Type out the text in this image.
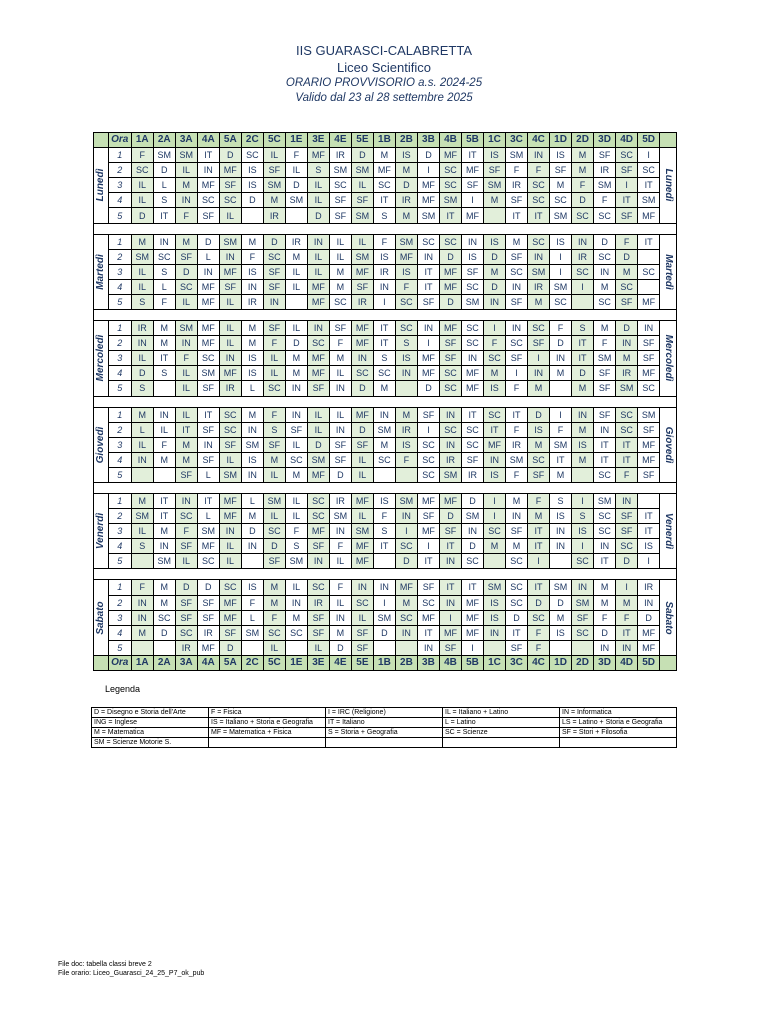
IIS GUARASCI-CALABRETTA
Liceo Scientifico
ORARIO PROVVISORIO a.s. 2024-25
Valido dal 23 al 28 settembre 2025
	Ora	1A	2A	3A	4A	5A	2C	5C	1E	3E	4E	5E	1B	2B	3B	4B	5B	1C	3C	4C	1D	2D	3D	4D	5D	

Lunedì	1	F	SM	SM	IT	D	SC	IL	F	MF	IR	D	M	IS	D	MF	IT	IS	SM	IN	IS	M	SF	SC	I	Lunedì

	2	SC	D	IL	IN	MF	IS	SF	IL	S	SM	SM	MF	M	I	SC	MF	SF	F	F	SF	M	IR	SF	SC	
	3	IL	L	M	MF	SF	IS	SM	D	IL	SC	IL	SC	D	MF	SC	SF	SM	IR	SC	M	F	SM	I	IT	
	4	IL	S	IN	SC	SC	D	M	SM	IL	SF	SF	IT	IR	MF	SM	I	M	SF	SC	SC	D	F	IT	SM	
	5	D	IT	F	SF	IL		IR		D	SF	SM	S	M	SM	IT	MF		IT	IT	SM	SC	SC	SF	MF	

Martedì	1	M	IN	M	D	SM	M	D	IR	IN	IL	IL	F	SM	SC	SC	IN	IS	M	SC	IS	IN	D	F	IT	Martedì

	2	SM	SC	SF	L	IN	F	SC	M	IL	IL	SM	IS	MF	IN	D	IS	D	SF	IN	I	IR	SC	D		
	3	IL	S	D	IN	MF	IS	SF	IL	IL	M	MF	IR	IS	IT	MF	SF	M	SC	SM	I	SC	IN	M	SC	
	4	IL	L	SC	MF	SF	IN	SF	IL	MF	M	SF	IN	F	IT	MF	SC	D	IN	IR	SM	I	M	SC		
	5	S	F	IL	MF	IL	IR	IN		MF	SC	IR	I	SC	SF	D	SM	IN	SF	M	SC		SC	SF	MF	

Mercoledì	1	IR	M	SM	MF	IL	M	SF	IL	IN	SF	MF	IT	SC	IN	MF	SC	I	IN	SC	F	S	M	D	IN	Mercoledì

	2	IN	M	IN	MF	IL	M	F	D	SC	F	MF	IT	S	I	SF	SC	F	SC	SF	D	IT	F	IN	SF	
	3	IL	IT	F	SC	IN	IS	IL	M	MF	M	IN	S	IS	MF	SF	IN	SC	SF	I	IN	IT	SM	M	SF	
	4	D	S	IL	SM	MF	IS	IL	M	MF	IL	SC	SC	IN	MF	SC	MF	M	I	IN	M	D	SF	IR	MF	
	5	S		IL	SF	IR	L	SC	IN	SF	IN	D	M		D	SC	MF	IS	F	M		M	SF	SM	SC	

Giovedì	1	M	IN	IL	IT	SC	M	F	IN	IL	IL	MF	IN	M	SF	IN	IT	SC	IT	D	I	IN	SF	SC	SM	Giovedì

	2	L	IL	IT	SF	SC	IN	S	SF	IL	IN	D	SM	IR	I	SC	SC	IT	F	IS	F	M	IN	SC	SF	
	3	IL	F	M	IN	SF	SM	SF	IL	D	SF	SF	M	IS	SC	IN	SC	MF	IR	M	SM	IS	IT	IT	MF	
	4	IN	M	M	SF	IL	IS	M	SC	SM	SF	IL	SC	F	SC	IR	SF	IN	SM	SC	IT	M	IT	IT	MF	
	5			SF	L	SM	IN	IL	M	MF	D	IL			SC	SM	IR	IS	F	SF	M		SC	F	SF	

Venerdì	1	M	IT	IN	IT	MF	L	SM	IL	SC	IR	MF	IS	SM	MF	MF	D	I	M	F	S	I	SM	IN		Venerdì

	2	SM	IT	SC	L	MF	M	IL	IL	SC	SM	IL	F	IN	SF	D	SM	I	IN	M	IS	S	SC	SF	IT	
	3	IL	M	F	SM	IN	D	SC	F	MF	IN	SM	S	I	MF	SF	IN	SC	SF	IT	IN	IS	SC	SF	IT	
	4	S	IN	SF	MF	IL	IN	D	S	SF	F	MF	IT	SC	I	IT	D	M	M	IT	IN	I	IN	SC	IS	
	5		SM	IL	SC	IL		SF	SM	IN	IL	MF		D	IT	IN	SC		SC	I		SC	IT	D	I	

Sabato	1	F	M	D	D	SC	IS	M	IL	SC	F	IN	IN	MF	SF	IT	IT	SM	SC	IT	SM	IN	M	I	IR	Sabato

	2	IN	M	SF	SF	MF	F	M	IN	IR	IL	SC	I	M	SC	IN	MF	IS	SC	D	D	SM	M	M	IN	
	3	IN	SC	SF	SF	MF	L	F	M	SF	IN	IL	SM	SC	MF	I	MF	IS	D	SC	M	SF	F	F	D	
	4	M	D	SC	IR	SF	SM	SC	SC	SF	M	SF	D	IN	IT	MF	MF	IN	IT	F	IS	SC	D	IT	MF	
	5			IR	MF	D		IL		IL	D	SF			IN	SF	I		SF	F			IN	IN	MF	
	Ora	1A	2A	3A	4A	5A	2C	5C	1E	3E	4E	5E	1B	2B	3B	4B	5B	1C	3C	4C	1D	2D	3D	4D	5D	
Legenda
D = Disegno e Storia dell'Arte	F = Fisica	I = IRC (Religione)	IL = Italiano + Latino	IN = Informatica
ING = Inglese	IS = Italiano + Storia e Geografia	IT = Italiano	L = Latino	LS = Latino + Storia e Geografia
M = Matematica	MF = Matematica + Fisica	S = Storia + Geografia	SC = Scienze	SF = Stori + Filosofia
SM = Scienze Motorie S.				
File doc: tabella classi breve 2
File orario: Liceo_Guarasci_24_25_P7_ok_pub
